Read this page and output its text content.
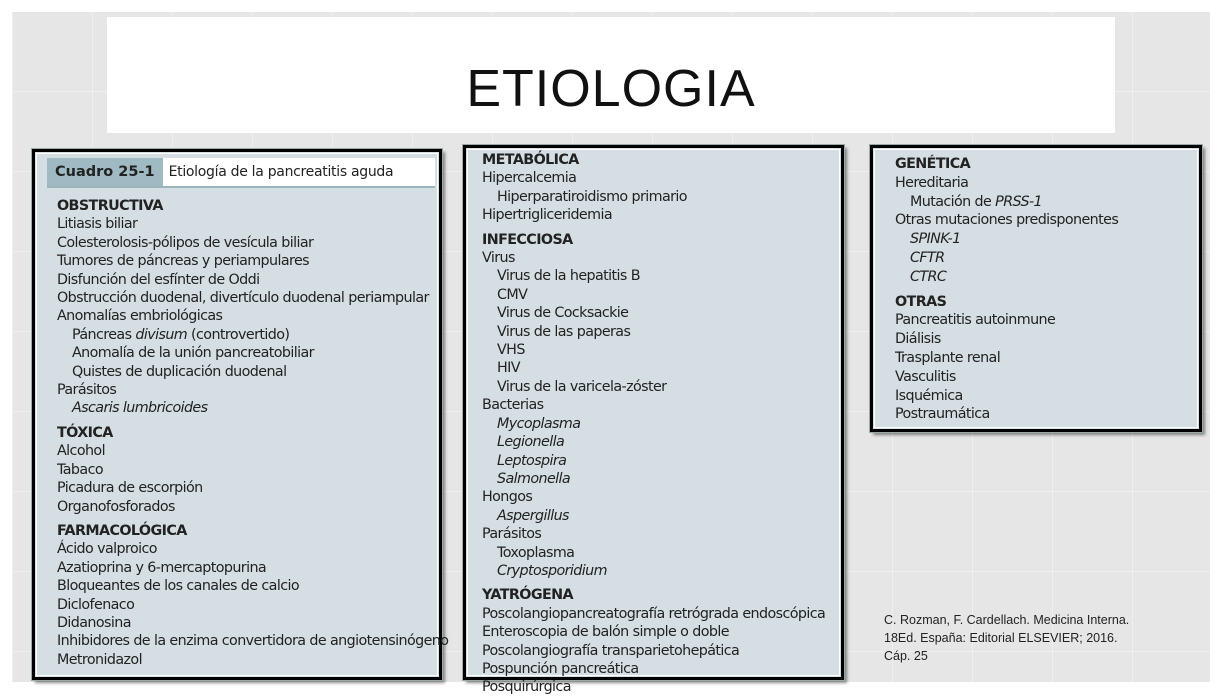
ETIOLOGIA
Cuadro 25-1	Etiología de la pancreatitis aguda
OBSTRUCTIVA
Litiasis biliar
Colesterolosis-pólipos de vesícula biliar
Tumores de páncreas y periampulares
Disfunción del esfínter de Oddi
Obstrucción duodenal, divertículo duodenal periampular
Anomalías embriológicas
Páncreas divisum (controvertido)
Anomalía de la unión pancreatobiliar
Quistes de duplicación duodenal
Parásitos
Ascaris lumbricoides
TÓXICA
Alcohol
Tabaco
Picadura de escorpión
Organofosforados
FARMACOLÓGICA
Ácido valproico
Azatioprina y 6-mercaptopurina
Bloqueantes de los canales de calcio
Diclofenaco
Didanosina
Inhibidores de la enzima convertidora de angiotensinógeno
Metronidazol
METABÓLICA
Hipercalcemia
Hiperparatiroidismo primario
Hipertrigliceridemia
INFECCIOSA
Virus
Virus de la hepatitis B
CMV
Virus de Cocksackie
Virus de las paperas
VHS
HIV
Virus de la varicela-zóster
Bacterias
Mycoplasma
Legionella
Leptospira
Salmonella
Hongos
Aspergillus
Parásitos
Toxoplasma
Cryptosporidium
YATRÓGENA
Poscolangiopancreatografía retrógrada endoscópica
Enteroscopia de balón simple o doble
Poscolangiografía transparietohepática
Pospunción pancreática
Posquirúrgica
GENÉTICA
Hereditaria
Mutación de PRSS-1
Otras mutaciones predisponentes
SPINK-1
CFTR
CTRC
OTRAS
Pancreatitis autoinmune
Diálisis
Trasplante renal
Vasculitis
Isquémica
Postraumática
C. Rozman, F. Cardellach. Medicina Interna.
18Ed. España: Editorial ELSEVIER; 2016.
Cáp. 25
